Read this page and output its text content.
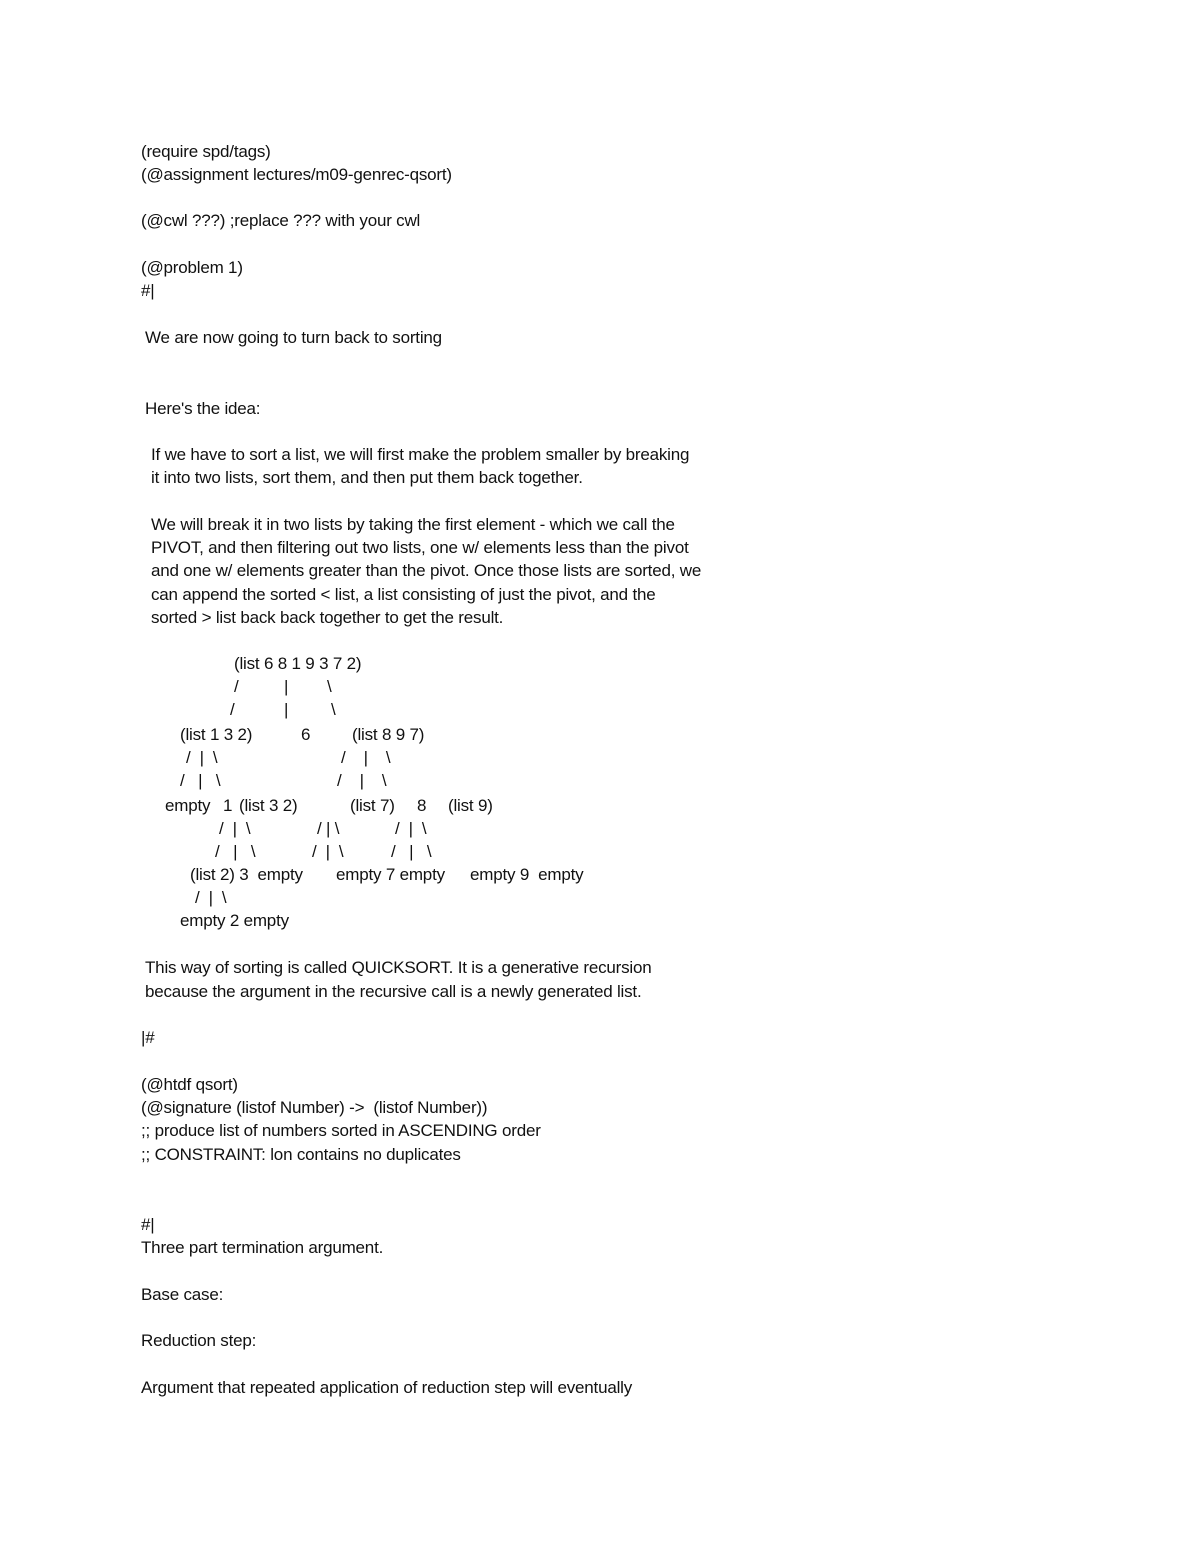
(require spd/tags)
(@assignment lectures/m09-genrec-qsort)
(@cwl ???) ;replace ??? with your cwl
(@problem 1)
#|
We are now going to turn back to sorting
Here's the idea:
If we have to sort a list, we will first make the problem smaller by breaking
it into two lists, sort them, and then put them back together.
We will break it in two lists by taking the first element - which we call the
PIVOT, and then filtering out two lists, one w/ elements less than the pivot
and one w/ elements greater than the pivot. Once those lists are sorted, we
can append the sorted < list, a list consisting of just the pivot, and the
sorted > list back back together to get the result.
(list 6 8 1 9 3 7 2)
/	| \
/	|	\
(list 1 3 2)	6 (list 8 9 7)
/  |  \	/    |    \
/   |   \	/    |    \
empty 1 (list 3 2)	(list 7) 8 (list 9)
/  |  \	/ | \	/  |  \
/   |   \	/  |  \	/   |   \
(list 2) 3  empty empty 7 empty empty 9  empty
/  |  \
empty 2 empty
This way of sorting is called QUICKSORT. It is a generative recursion
because the argument in the recursive call is a newly generated list.
|#
(@htdf qsort)
(@signature (listof Number) ->  (listof Number))
;; produce list of numbers sorted in ASCENDING order
;; CONSTRAINT: lon contains no duplicates
#|
Three part termination argument.
Base case:
Reduction step:
Argument that repeated application of reduction step will eventually
